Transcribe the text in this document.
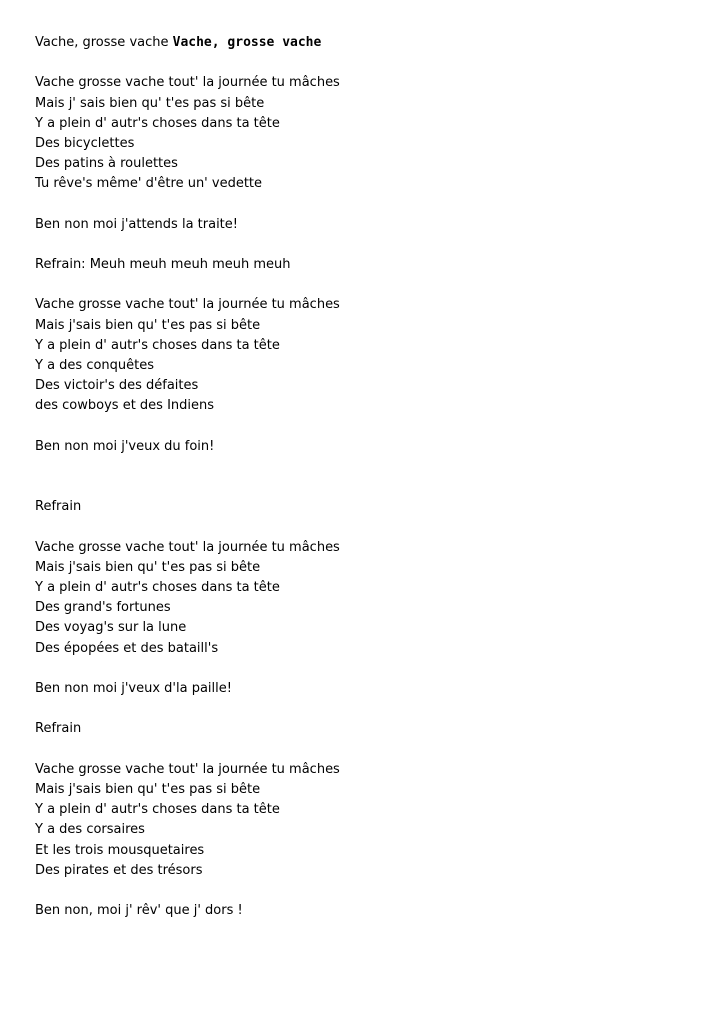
Vache, grosse vache Vache, grosse vache
Vache grosse vache tout' la journée tu mâches
Mais j' sais bien qu' t'es pas si bête
Y a plein d' autr's choses dans ta tête
Des bicyclettes
Des patins à roulettes
Tu rêve's même' d'être un' vedette
Ben non moi j'attends la traite!
Refrain: Meuh meuh meuh meuh meuh
Vache grosse vache tout' la journée tu mâches
Mais j'sais bien qu' t'es pas si bête
Y a plein d' autr's choses dans ta tête
Y a des conquêtes
Des victoir's des défaites
des cowboys et des Indiens
Ben non moi j'veux du foin!
Refrain
Vache grosse vache tout' la journée tu mâches
Mais j'sais bien qu' t'es pas si bête
Y a plein d' autr's choses dans ta tête
Des grand's fortunes
Des voyag's sur la lune
Des épopées et des bataill's
Ben non moi j'veux d'la paille!
Refrain
Vache grosse vache tout' la journée tu mâches
Mais j'sais bien qu' t'es pas si bête
Y a plein d' autr's choses dans ta tête
Y a des corsaires
Et les trois mousquetaires
Des pirates et des trésors
Ben non, moi j' rêv' que j' dors !
